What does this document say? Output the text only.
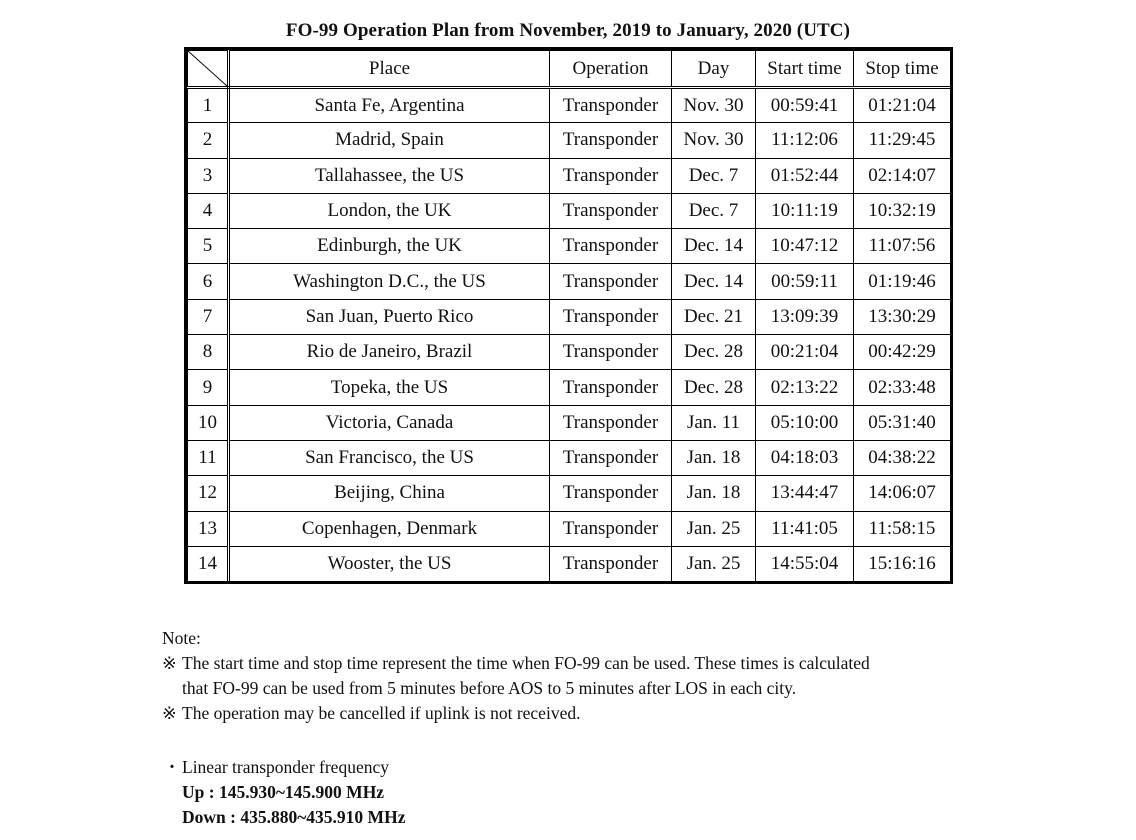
FO-99 Operation Plan from November, 2019 to January, 2020 (UTC)
	Place	Operation	Day	Start time	Stop time
1	Santa Fe, Argentina	Transponder	Nov. 30	00:59:41	01:21:04
2	Madrid, Spain	Transponder	Nov. 30	11:12:06	11:29:45
3	Tallahassee, the US	Transponder	Dec. 7	01:52:44	02:14:07
4	London, the UK	Transponder	Dec. 7	10:11:19	10:32:19
5	Edinburgh, the UK	Transponder	Dec. 14	10:47:12	11:07:56
6	Washington D.C., the US	Transponder	Dec. 14	00:59:11	01:19:46
7	San Juan, Puerto Rico	Transponder	Dec. 21	13:09:39	13:30:29
8	Rio de Janeiro, Brazil	Transponder	Dec. 28	00:21:04	00:42:29
9	Topeka, the US	Transponder	Dec. 28	02:13:22	02:33:48
10	Victoria, Canada	Transponder	Jan. 11	05:10:00	05:31:40
11	San Francisco, the US	Transponder	Jan. 18	04:18:03	04:38:22
12	Beijing, China	Transponder	Jan. 18	13:44:47	14:06:07
13	Copenhagen, Denmark	Transponder	Jan. 25	11:41:05	11:58:15
14	Wooster, the US	Transponder	Jan. 25	14:55:04	15:16:16
Note:
※ The start time and stop time represent the time when FO-99 can be used. These times is calculated
that FO-99 can be used from 5 minutes before AOS to 5 minutes after LOS in each city.
※ The operation may be cancelled if uplink is not received.
・Linear transponder frequency
Up : 145.930~145.900 MHz
Down : 435.880~435.910 MHz
